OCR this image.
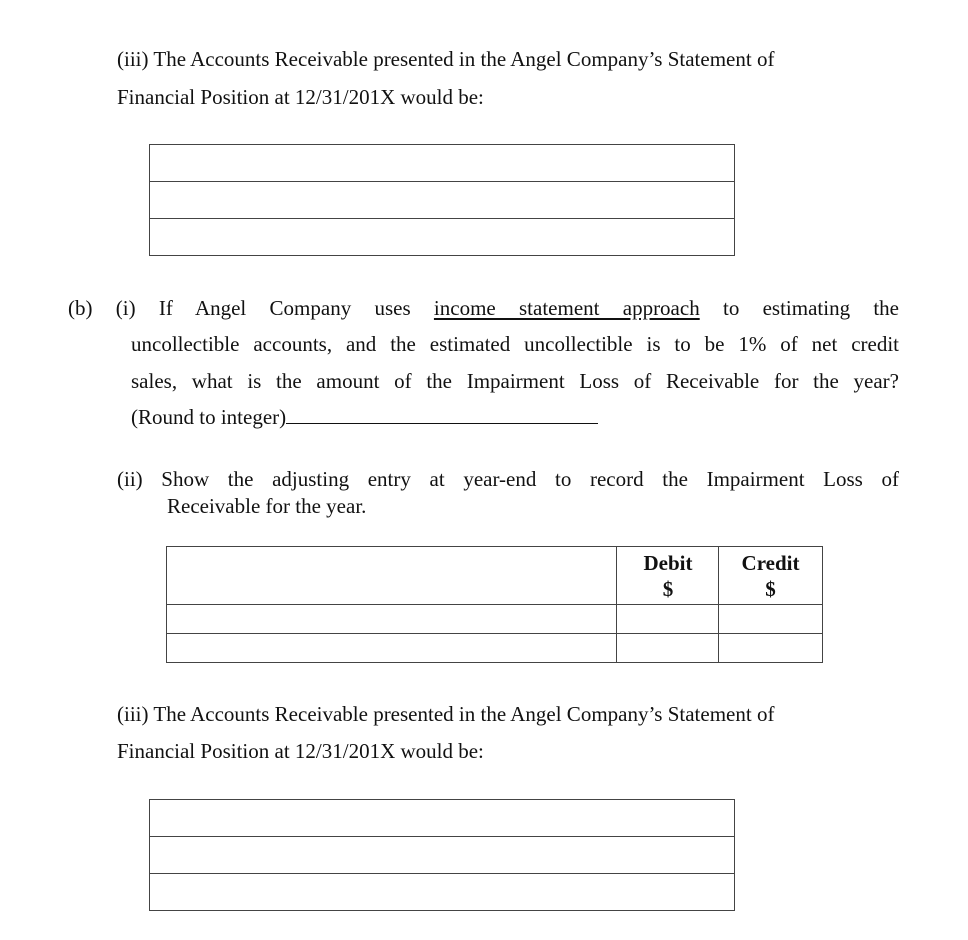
(iii) The Accounts Receivable presented in the Angel Company’s Statement of
Financial Position at 12/31/201X would be:
(b) (i) If Angel Company uses income statement approach to estimating the
uncollectible accounts, and the estimated uncollectible is to be 1% of net credit
sales, what is the amount of the Impairment Loss of Receivable for the year?
(Round to integer)
(ii) Show the adjusting entry at year-end to record the Impairment Loss of
Receivable for the year.
Debit
$
Credit
$
(iii) The Accounts Receivable presented in the Angel Company’s Statement of
Financial Position at 12/31/201X would be:
